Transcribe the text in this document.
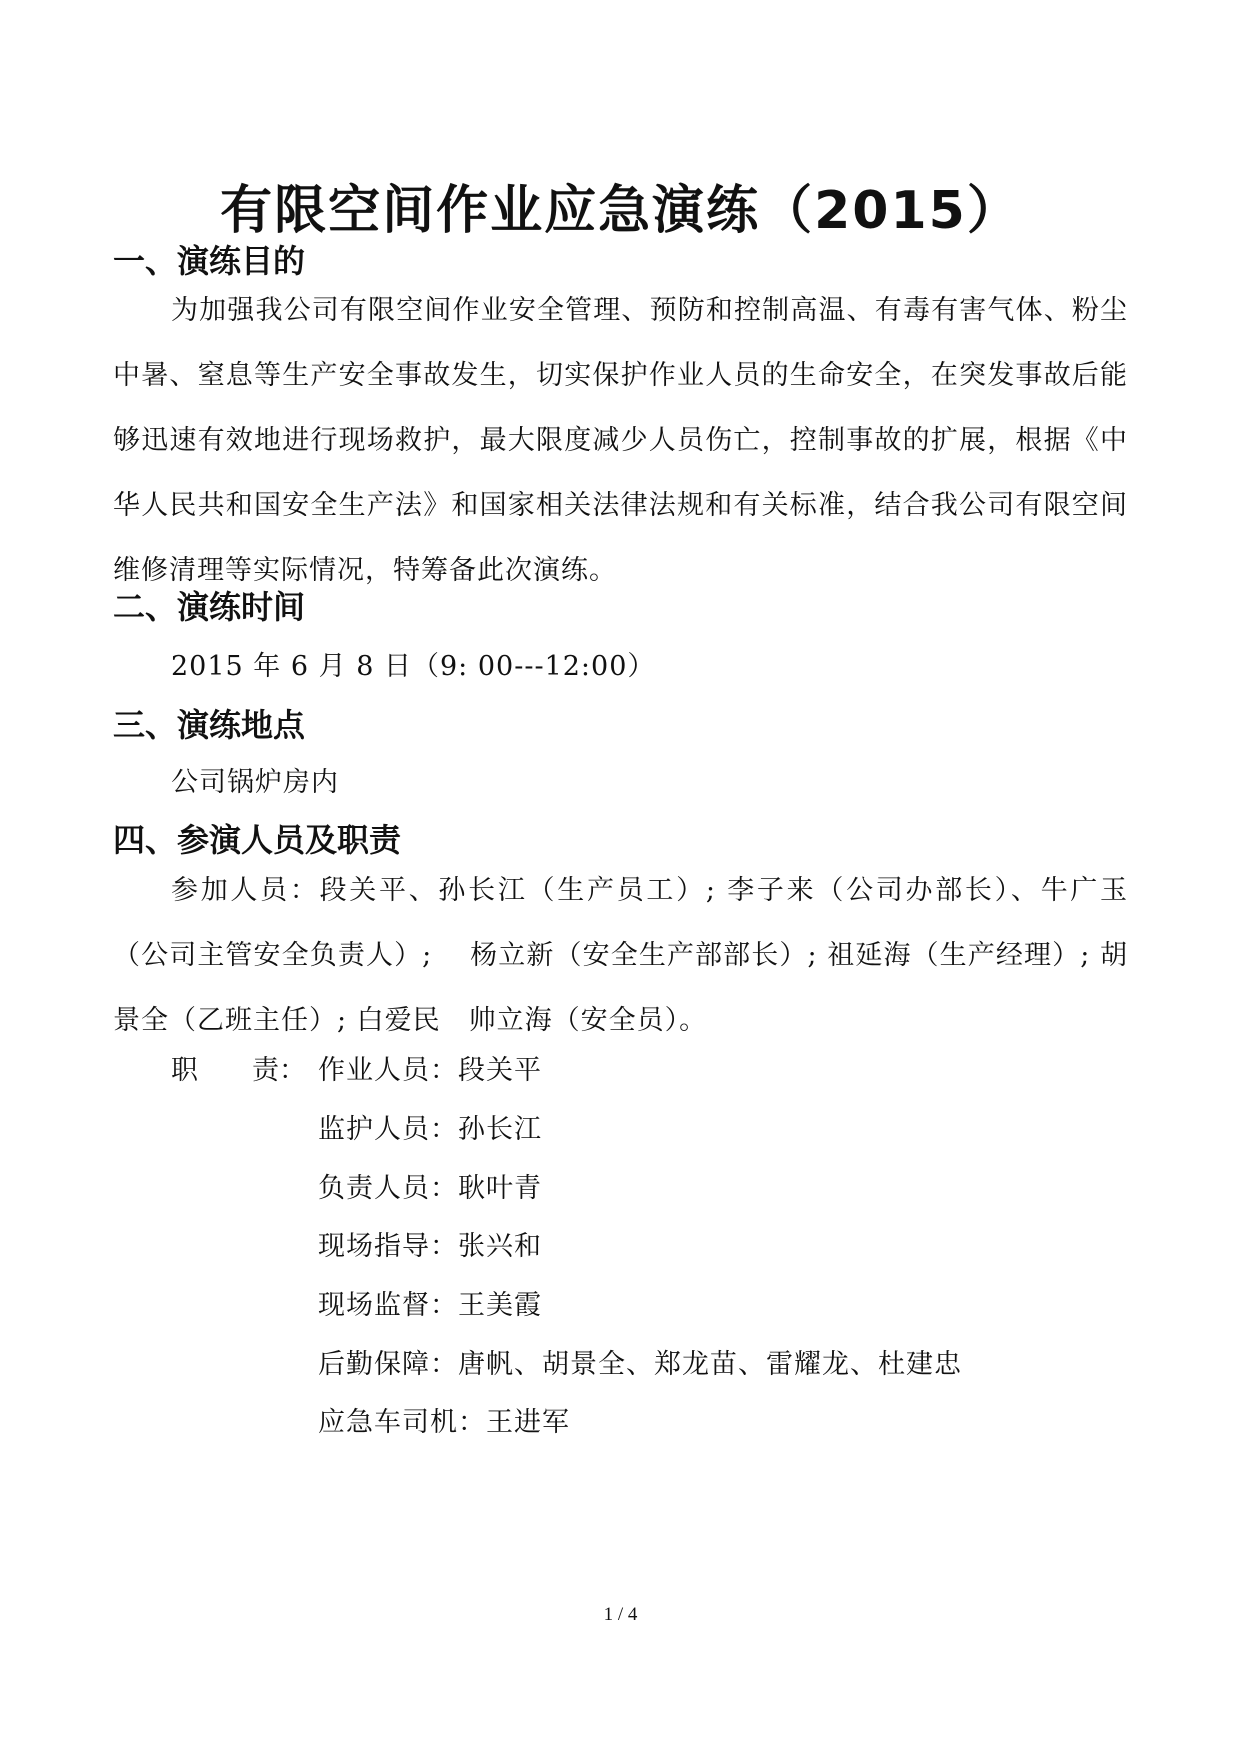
有限空间作业应急演练（2015）
一、演练目的
为加强我公司有限空间作业安全管理、预防和控制高温、有毒有害气体、粉尘中暑、窒息等生产安全事故发生，切实保护作业人员的生命安全，在突发事故后能够迅速有效地进行现场救护，最大限度减少人员伤亡，控制事故的扩展，根据《中华人民共和国安全生产法》和国家相关法律法规和有关标准，结合我公司有限空间维修清理等实际情况，特筹备此次演练。
二、演练时间
2015 年 6 月 8 日（9: 00---12:00）
三、演练地点
公司锅炉房内
四、参演人员及职责
参加人员：段关平、孙长江（生产员工）; 李子来（公司办部长）、牛广玉（公司主管安全负责人）;　 杨立新（安全生产部部长）; 祖延海（生产经理）; 胡景全（乙班主任）; 白爱民　帅立海（安全员）。
职　　责： 作业人员：段关平
监护人员：孙长江
负责人员：耿叶青
现场指导：张兴和
现场监督：王美霞
后勤保障：唐帆、胡景全、郑龙苗、雷耀龙、杜建忠
应急车司机：王进军
1 / 4
